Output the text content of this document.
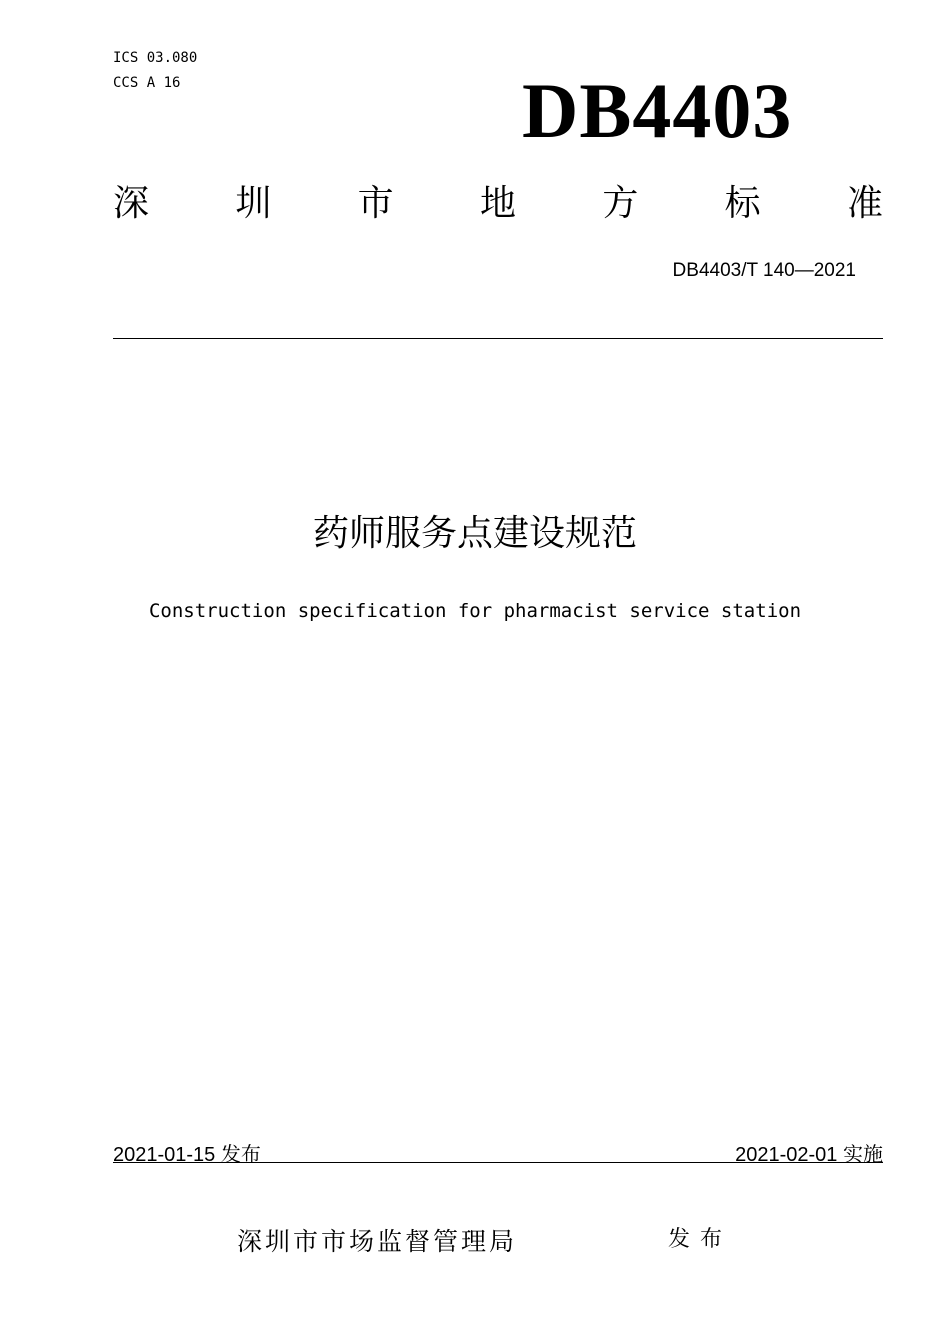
ICS 03.080
CCS A 16	DB4403
深 圳 市 地 方 标 准
DB4403/T 140—2021
药师服务点建设规范
Construction specification for pharmacist service station
2021-01-15 发布	2021-02-01 实施
深圳市市场监督管理局	发布
